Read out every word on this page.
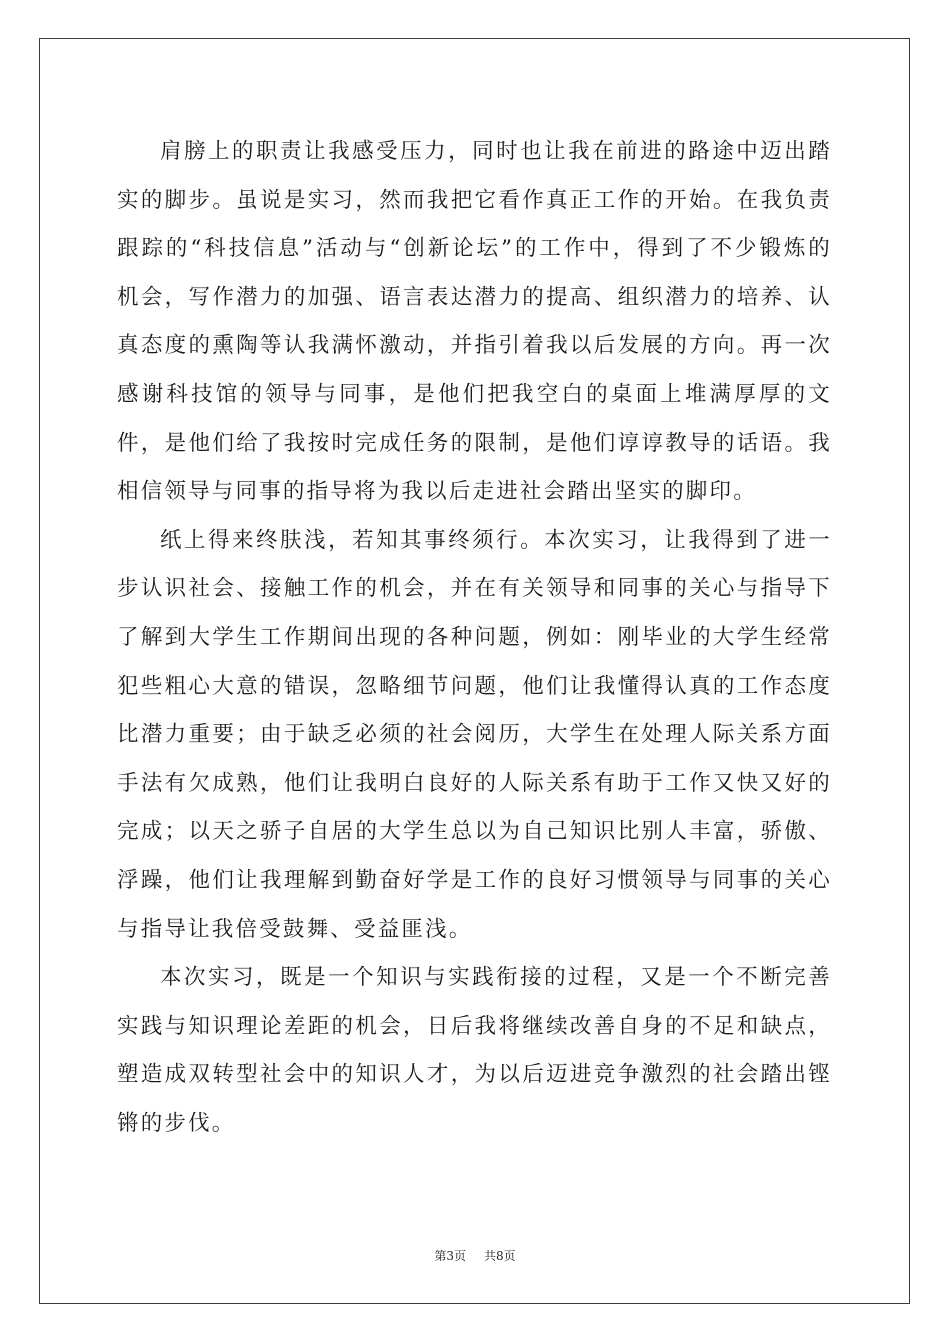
肩膀上的职责让我感受压力，同时也让我在前进的路途中迈出踏实的脚步。虽说是实习，然而我把它看作真正工作的开始。在我负责跟踪的“科技信息”活动与“创新论坛”的工作中，得到了不少锻炼的机会，写作潜力的加强、语言表达潜力的提高、组织潜力的培养、认真态度的熏陶等认我满怀激动，并指引着我以后发展的方向。再一次感谢科技馆的领导与同事，是他们把我空白的桌面上堆满厚厚的文件，是他们给了我按时完成任务的限制，是他们谆谆教导的话语。我相信领导与同事的指导将为我以后走进社会踏出坚实的脚印。

纸上得来终肤浅，若知其事终须行。本次实习，让我得到了进一步认识社会、接触工作的机会，并在有关领导和同事的关心与指导下了解到大学生工作期间出现的各种问题，例如：刚毕业的大学生经常犯些粗心大意的错误，忽略细节问题，他们让我懂得认真的工作态度比潜力重要；由于缺乏必须的社会阅历，大学生在处理人际关系方面手法有欠成熟，他们让我明白良好的人际关系有助于工作又快又好的完成；以天之骄子自居的大学生总以为自己知识比别人丰富，骄傲、浮躁，他们让我理解到勤奋好学是工作的良好习惯领导与同事的关心与指导让我倍受鼓舞、受益匪浅。

本次实习，既是一个知识与实践衔接的过程，又是一个不断完善实践与知识理论差距的机会，日后我将继续改善自身的不足和缺点，塑造成双转型社会中的知识人才，为以后迈进竞争激烈的社会踏出铿锵的步伐。

第3页 共8页
